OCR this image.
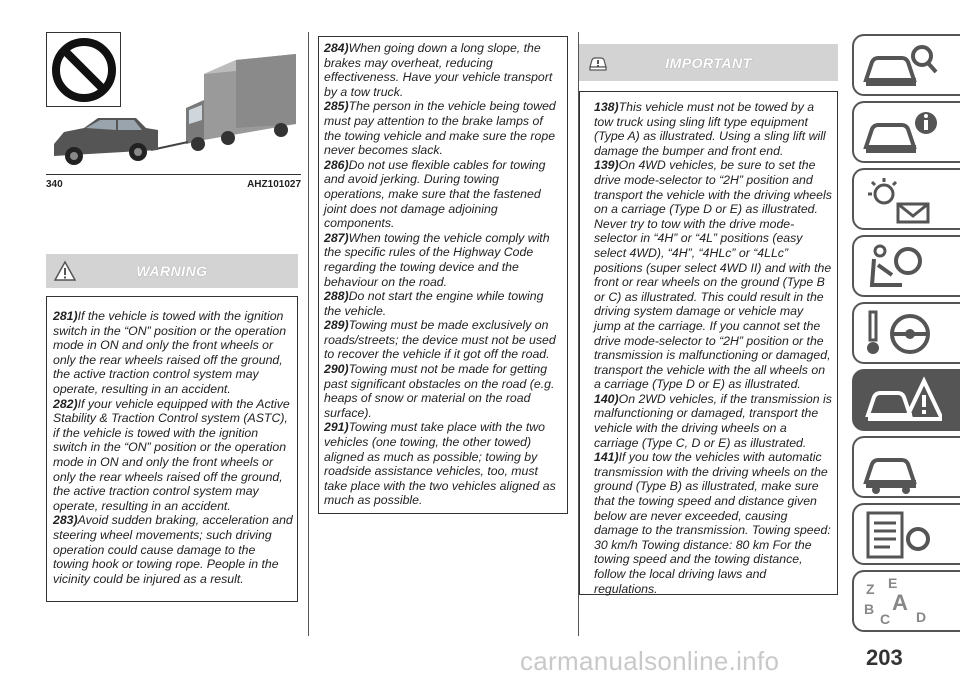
340	AHZ101027
WARNING
281)If the vehicle is towed with the ignition switch in the “ON” position or the operation mode in ON and only the front wheels or only the rear wheels raised off the ground, the active traction control system may operate, resulting in an accident.
282)If your vehicle equipped with the Active Stability & Traction Control system (ASTC), if the vehicle is towed with the ignition switch in the “ON” position or the operation mode in ON and only the front wheels or only the rear wheels raised off the ground, the active traction control system may operate, resulting in an accident.
283)Avoid sudden braking, acceleration and steering wheel movements; such driving operation could cause damage to the towing hook or towing rope. People in the vicinity could be injured as a result.
284)When going down a long slope, the brakes may overheat, reducing effectiveness. Have your vehicle transport by a tow truck.
285)The person in the vehicle being towed must pay attention to the brake lamps of the towing vehicle and make sure the rope never becomes slack.
286)Do not use flexible cables for towing and avoid jerking. During towing operations, make sure that the fastened joint does not damage adjoining components.
287)When towing the vehicle comply with the specific rules of the Highway Code regarding the towing device and the behaviour on the road.
288)Do not start the engine while towing the vehicle.
289)Towing must be made exclusively on roads/streets; the device must not be used to recover the vehicle if it got off the road.
290)Towing must not be made for getting past significant obstacles on the road (e.g. heaps of snow or material on the road surface).
291)Towing must take place with the two vehicles (one towing, the other towed) aligned as much as possible; towing by roadside assistance vehicles, too, must take place with the two vehicles aligned as much as possible.
IMPORTANT
138)This vehicle must not be towed by a tow truck using sling lift type equipment (Type A) as illustrated. Using a sling lift will damage the bumper and front end.
139)On 4WD vehicles, be sure to set the drive mode-selector to “2H” position and transport the vehicle with the driving wheels on a carriage (Type D or E) as illustrated. Never try to tow with the drive mode-selector in “4H” or “4L” positions (easy select 4WD), “4H”, “4HLc” or “4LLc” positions (super select 4WD II) and with the front or rear wheels on the ground (Type B or C) as illustrated. This could result in the driving system damage or vehicle may jump at the carriage. If you cannot set the drive mode-selector to “2H” position or the transmission is malfunctioning or damaged, transport the vehicle with the all wheels on a carriage (Type D or E) as illustrated.
140)On 2WD vehicles, if the transmission is malfunctioning or damaged, transport the vehicle with the driving wheels on a carriage (Type C, D or E) as illustrated.
141)If you tow the vehicles with automatic transmission with the driving wheels on the ground (Type B) as illustrated, make sure that the towing speed and distance given below are never exceeded, causing damage to the transmission. Towing speed: 30 km/h Towing distance: 80 km For the towing speed and the towing distance, follow the local driving laws and regulations.	Z E
B A
C D
carmanualsonline.info	203
